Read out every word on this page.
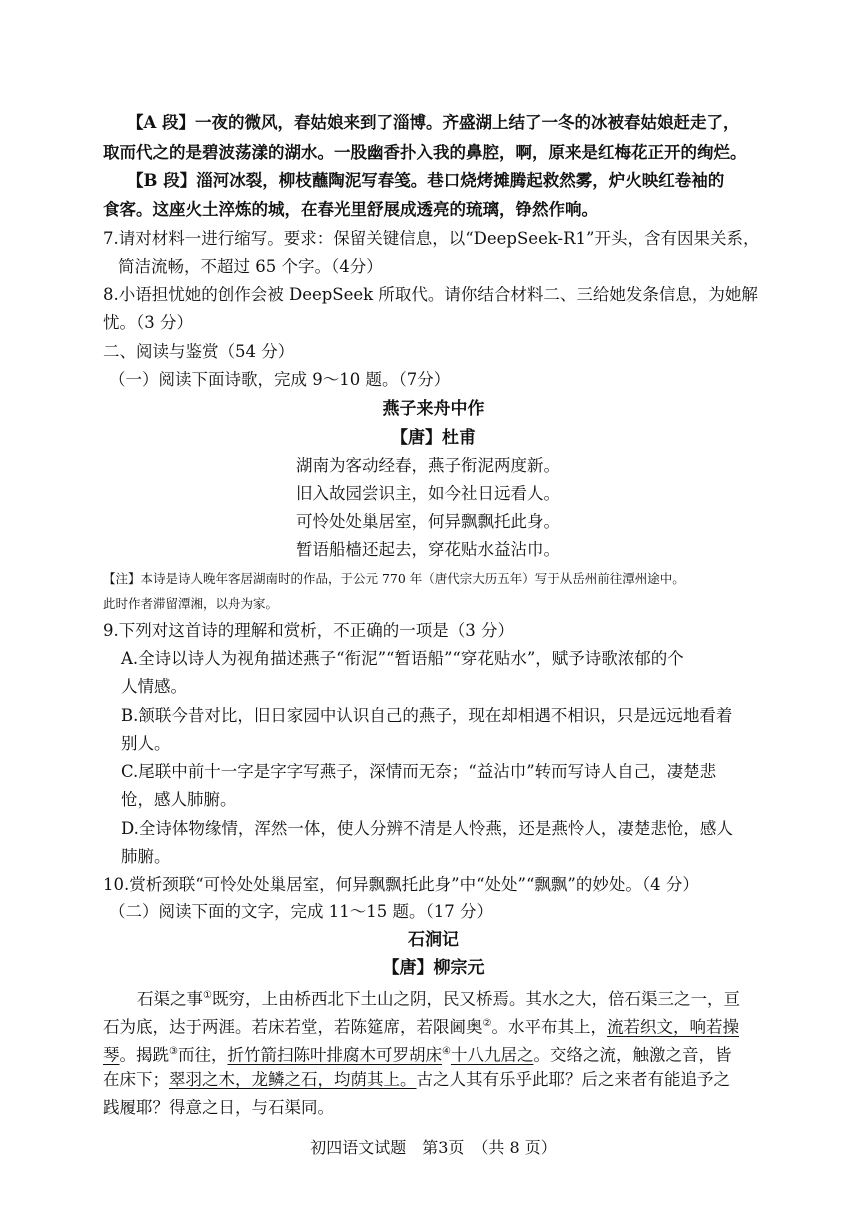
【A 段】一夜的微风，春姑娘来到了淄博。齐盛湖上结了一冬的冰被春姑娘赶走了，
取而代之的是碧波荡漾的湖水。一股幽香扑入我的鼻腔，啊，原来是红梅花正开的绚烂。
【B 段】淄河冰裂，柳枝蘸陶泥写春笺。巷口烧烤摊腾起救然雾，炉火映红卷袖的
食客。这座火土淬炼的城，在春光里舒展成透亮的琉璃，铮然作响。
7.请对材料一进行缩写。要求：保留关键信息，以“DeepSeek-R1”开头，含有因果关系，
简洁流畅，不超过 65 个字。（4分）
8.小语担忧她的创作会被 DeepSeek 所取代。请你结合材料二、三给她发条信息，为她解
忧。（3 分）
二、阅读与鉴赏（54 分）
（一）阅读下面诗歌，完成 9～10 题。（7分）
燕子来舟中作
【唐】杜甫
湖南为客动经春，燕子衔泥两度新。
旧入故园尝识主，如今社日远看人。
可怜处处巢居室，何异飘飘托此身。
暂语船樯还起去，穿花贴水益沾巾。
【注】本诗是诗人晚年客居湖南时的作品，于公元 770 年（唐代宗大历五年）写于从岳州前往潭州途中。
此时作者滞留潭湘，以舟为家。
9.下列对这首诗的理解和赏析，不正确的一项是（3 分）
A.全诗以诗人为视角描述燕子“衔泥”“暂语船”“穿花贴水”，赋予诗歌浓郁的个
人情感。
B.颔联今昔对比，旧日家园中认识自己的燕子，现在却相遇不相识，只是远远地看着
别人。
C.尾联中前十一字是字字写燕子，深情而无奈；“益沾巾”转而写诗人自己，凄楚悲
怆，感人肺腑。
D.全诗体物缘情，浑然一体，使人分辨不清是人怜燕，还是燕怜人，凄楚悲怆，感人
肺腑。
10.赏析颈联“可怜处处巢居室，何异飘飘托此身”中“处处”“飘飘”的妙处。（4 分）
（二）阅读下面的文字，完成 11～15 题。（17 分）
石涧记
【唐】柳宗元
石渠之事①既穷，上由桥西北下土山之阴，民又桥焉。其水之大，倍石渠三之一，亘
石为底，达于两涯。若床若堂，若陈筵席，若限阃奥②。水平布其上，流若织文，响若操
琴。揭跣③而往，折竹箭扫陈叶排腐木可罗胡床④十八九居之。交络之流，触激之音，皆
在床下；翠羽之木，龙鳞之石，均荫其上。古之人其有乐乎此耶？后之来者有能追予之
践履耶？得意之日，与石渠同。
初四语文试题　第3页　（共 8 页）
